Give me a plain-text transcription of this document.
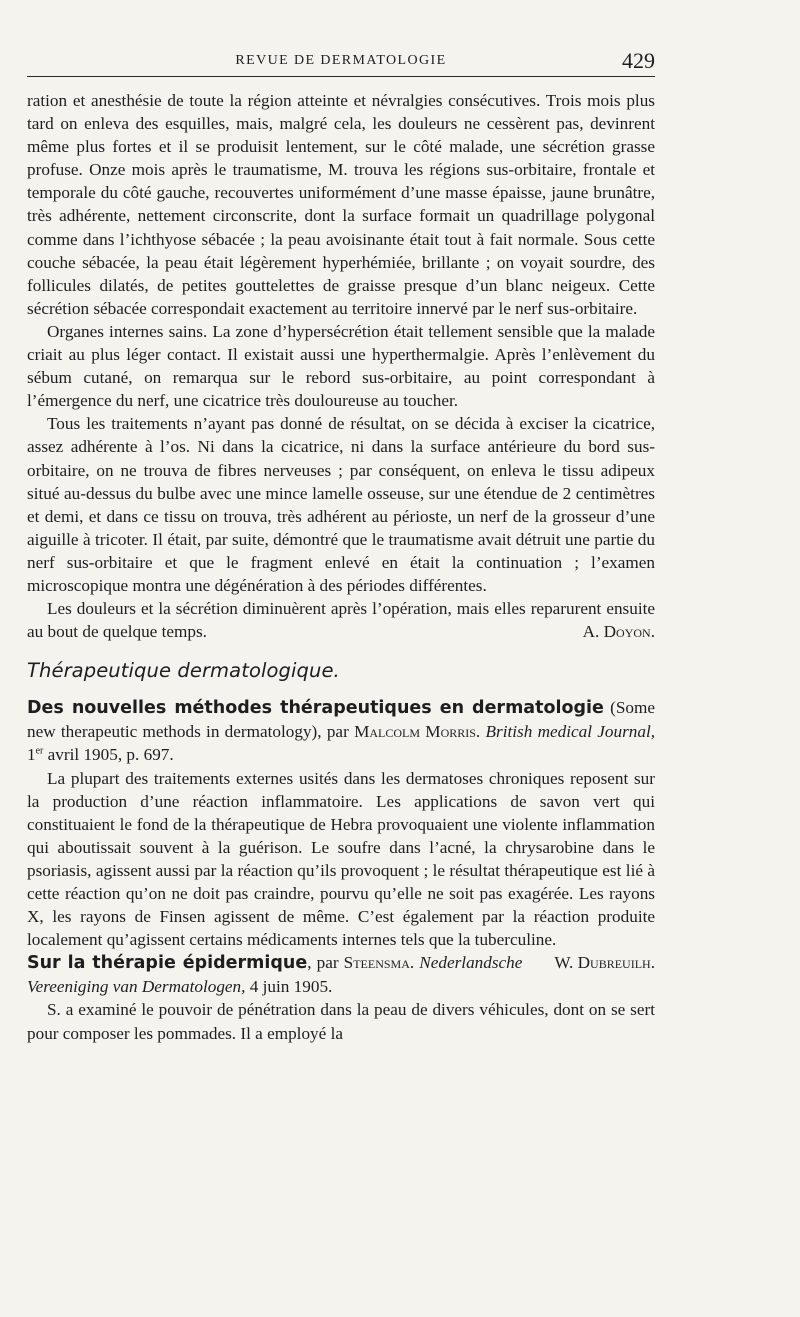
REVUE DE DERMATOLOGIE	429

ration et anesthésie de toute la région atteinte et névralgies consécutives. Trois mois plus tard on enleva des esquilles, mais, malgré cela, les douleurs ne cessèrent pas, devinrent même plus fortes et il se produisit lentement, sur le côté malade, une sécrétion grasse profuse. Onze mois après le traumatisme, M. trouva les régions sus-orbitaire, frontale et temporale du côté gauche, recouvertes uniformément d’une masse épaisse, jaune brunâtre, très adhérente, nettement circonscrite, dont la surface formait un quadrillage polygonal comme dans l’ichthyose sébacée ; la peau avoisinante était tout à fait normale. Sous cette couche sébacée, la peau était légèrement hyperhémiée, brillante ; on voyait sourdre, des follicules dilatés, de petites gouttelettes de graisse presque d’un blanc neigeux. Cette sécrétion sébacée correspondait exactement au territoire innervé par le nerf sus-orbitaire.

Organes internes sains. La zone d’hypersécrétion était tellement sensible que la malade criait au plus léger contact. Il existait aussi une hyperthermalgie. Après l’enlèvement du sébum cutané, on remarqua sur le rebord sus-orbitaire, au point correspondant à l’émergence du nerf, une cicatrice très douloureuse au toucher.

Tous les traitements n’ayant pas donné de résultat, on se décida à exciser la cicatrice, assez adhérente à l’os. Ni dans la cicatrice, ni dans la surface antérieure du bord sus-orbitaire, on ne trouva de fibres nerveuses ; par conséquent, on enleva le tissu adipeux situé au-dessus du bulbe avec une mince lamelle osseuse, sur une étendue de 2 centimètres et demi, et dans ce tissu on trouva, très adhérent au périoste, un nerf de la grosseur d’une aiguille à tricoter. Il était, par suite, démontré que le traumatisme avait détruit une partie du nerf sus-orbitaire et que le fragment enlevé en était la continuation ; l’examen microscopique montra une dégénération à des périodes différentes.

Les douleurs et la sécrétion diminuèrent après l’opération, mais elles reparurent ensuite au bout de quelque temps.	A. Doyon.

Thérapeutique dermatologique.

Des nouvelles méthodes thérapeutiques en dermatologie (Some new therapeutic methods in dermatology), par Malcolm Morris. British medical Journal, 1er avril 1905, p. 697.

La plupart des traitements externes usités dans les dermatoses chroniques reposent sur la production d’une réaction inflammatoire. Les applications de savon vert qui constituaient le fond de la thérapeutique de Hebra provoquaient une violente inflammation qui aboutissait souvent à la guérison. Le soufre dans l’acné, la chrysarobine dans le psoriasis, agissent aussi par la réaction qu’ils provoquent ; le résultat thérapeutique est lié à cette réaction qu’on ne doit pas craindre, pourvu qu’elle ne soit pas exagérée. Les rayons X, les rayons de Finsen agissent de même. C’est également par la réaction produite localement qu’agissent certains médicaments internes tels que la tuberculine.
W. Dubreuilh.

Sur la thérapie épidermique, par Steensma. Nederlandsche Vereeniging van Dermatologen, 4 juin 1905.

S. a examiné le pouvoir de pénétration dans la peau de divers véhicules, dont on se sert pour composer les pommades. Il a employé la
